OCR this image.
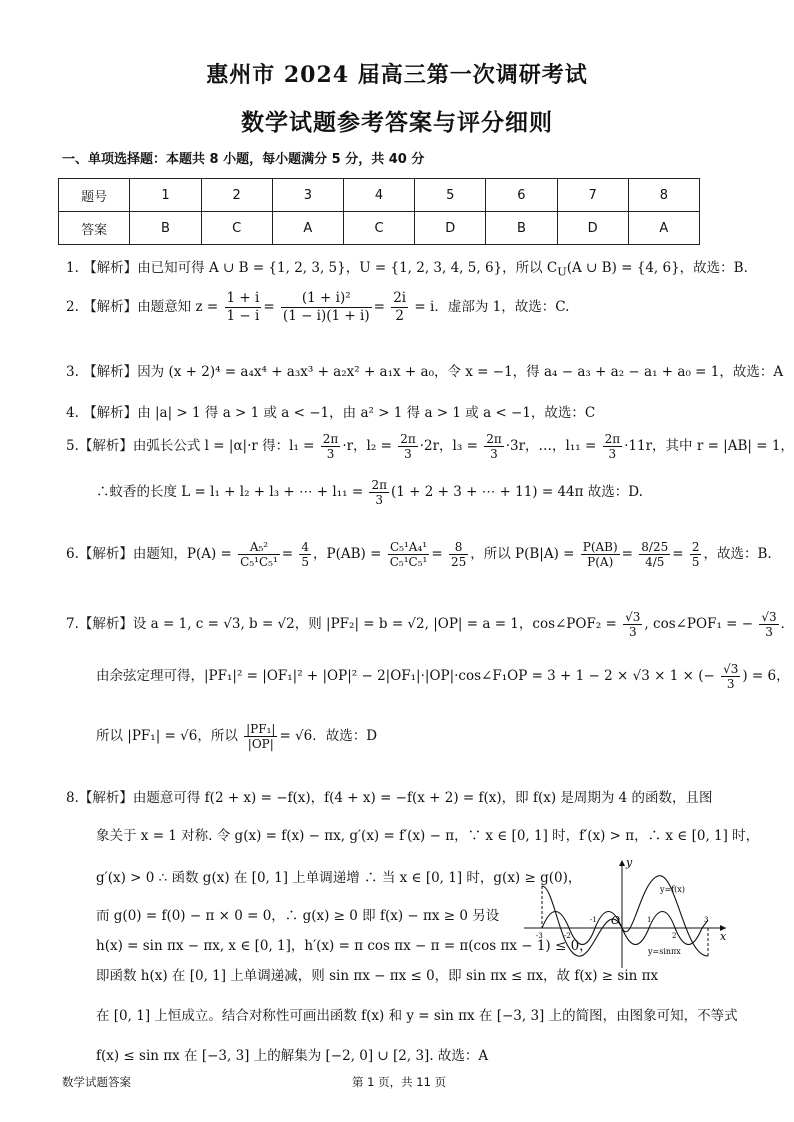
惠州市 2024 届高三第一次调研考试
数学试题参考答案与评分细则
一、单项选择题：本题共 8 小题，每小题满分 5 分，共 40 分
题号	1	2	3	4	5	6	7	8
答案	B	C	A	C	D	B	D	A
1. 【解析】由已知可得 A ∪ B = {1, 2, 3, 5}，U = {1, 2, 3, 4, 5, 6}，所以 $C_U(A$ ∪ B) = {4, 6}，故选：B.
2. 【解析】由题意知 $z = \frac{1 + i}{1 - i} = \frac{\text{(1 + i)²}}{(1 - i)(1 + i)} = \frac{2i}{2} = i$．虚部为 1，故选：C.
3. 【解析】因为 (x + 2)⁴ = a₄x⁴ + a₃x³ + a₂x² + a₁x + a₀，令 x = −1，得 a₄ − a₃ + a₂ − a₁ + a₀ = 1，故选：A
4. 【解析】由 |a| > 1 得 a > 1 或 a < −1，由 a² > 1 得 a > 1 或 a < −1，故选：C
5.【解析】由弧长公式 l = |α|·r 得：$l_1 = \frac{2\pi}{3} \cdot r$，$l_2 = \frac{2\pi}{3} \cdot 2r$，$l_3 = \frac{2\pi}{3} \cdot 3r$，…，$l_{11} = \frac{2\pi}{3} \cdot 11r$，其中 r = |AB| = 1，
∴蚊香的长度 L = l₁ + l₂ + l₃ + ⋯ + $l_{11} = \frac{2\pi}{3} (1 + 2 + 3$ + ⋯ + 11) = 44π 故选：D.
6.【解析】由题知，$P(A) = \frac{\text{A₅²}}{\text{C₅¹C₅¹}} = \frac{4}{5}$ ，$P(AB) = \frac{\text{C₅¹A₄¹}}{\text{C₅¹C₅¹}} = \frac{8}{25}$ ，所以 $P(B|A) = \frac{P(AB)}{P(A)} = \frac{8/25}{4/5} = \frac{2}{5}$ ，故选：B.
7.【解析】设 a = 1, c = √3, b = √2，则 |PF₂| = b = √2, |OP| = a = 1，cos∠POF₂ = $\frac{√3}{3}$ , cos∠POF₁ = − $\frac{√3}{3}$ ．
由余弦定理可得，|PF₁|² = |OF₁|² + |OP|² − 2|OF₁|·|OP|·cos∠F₁OP = 3 + 1 − 2 × √3 × 1 × (− $\frac{√3}{3}$ ) = 6，
所以 |PF₁| = √6，所以 $\frac{\text{|PF₁|}}{|OP|} = √6$．故选：D
8.【解析】由题意可得 f(2 + x) = −f(x)，f(4 + x) = −f(x + 2) = f(x)，即 f(x) 是周期为 4 的函数，且图
象关于 x = 1 对称. 令 g(x) = f(x) − πx, g′(x) = f′(x) − π，∵ x ∈ [0, 1] 时，f′(x) > π，∴ x ∈ [0, 1] 时，
g′(x) > 0 ∴ 函数 g(x) 在 [0, 1] 上单调递增 ∴ 当 x ∈ [0, 1] 时，g(x) ≥ g(0)，
而 g(0) = f(0) − π × 0 = 0，∴ g(x) ≥ 0 即 f(x) − πx ≥ 0 另设
h(x) = sin πx − πx, x ∈ [0, 1]，h′(x) = π cos πx − π = π(cos πx − 1) ≤ 0，
即函数 h(x) 在 [0, 1] 上单调递减，则 sin πx − πx ≤ 0，即 sin πx ≤ πx，故 f(x) ≥ sin πx
在 [0, 1] 上恒成立。结合对称性可画出函数 f(x) 和 y = sin πx 在 [−3, 3] 上的简图，由图象可知，不等式
f(x) ≤ sin πx 在 [−3, 3] 上的解集为 [−2, 0] ∪ [2, 3]. 故选：A
y
x
O
y=f(x)
y=sinπx
-3	-2
-1	1
2
3
数学试题答案	第 1 页，共 11 页
